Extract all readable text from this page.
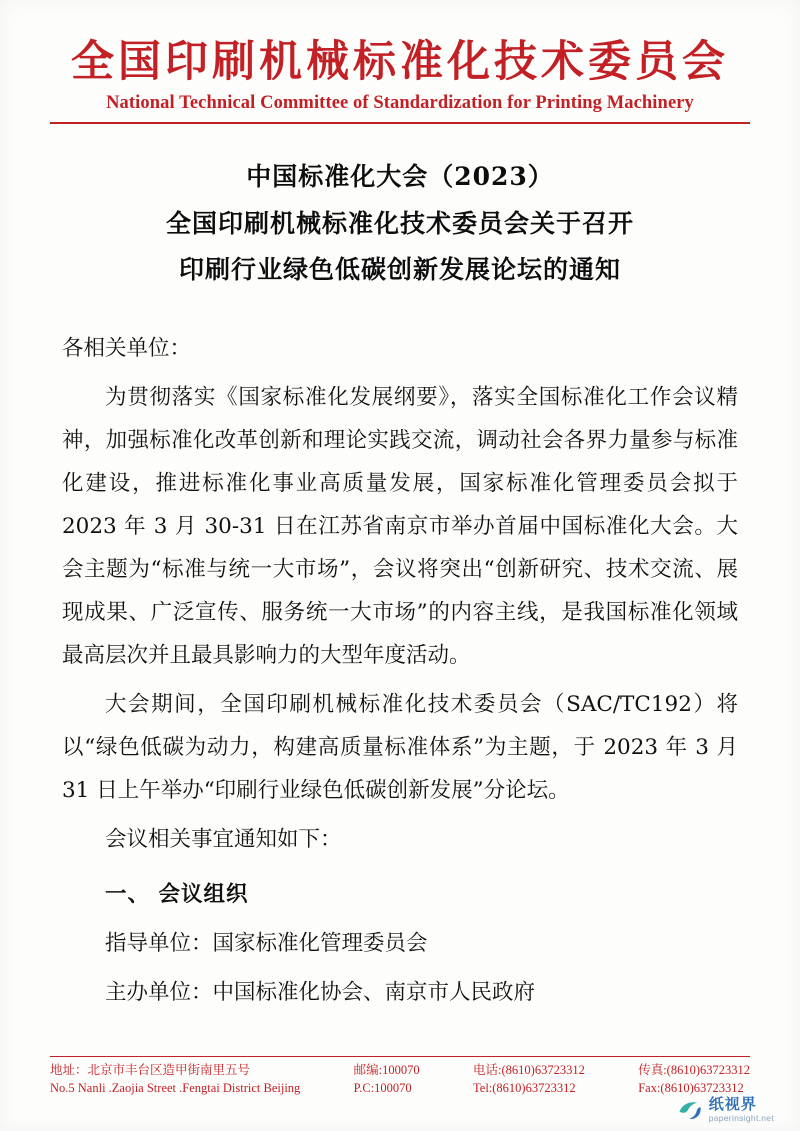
全国印刷机械标准化技术委员会
National Technical Committee of Standardization for Printing Machinery
中国标准化大会（2023）
全国印刷机械标准化技术委员会关于召开
印刷行业绿色低碳创新发展论坛的通知

各相关单位：

为贯彻落实《国家标准化发展纲要》，落实全国标准化工作会议精神，加强标准化改革创新和理论实践交流，调动社会各界力量参与标准化建设，推进标准化事业高质量发展，国家标准化管理委员会拟于 2023 年 3 月 30-31 日在江苏省南京市举办首届中国标准化大会。大会主题为“标准与统一大市场”，会议将突出“创新研究、技术交流、展现成果、广泛宣传、服务统一大市场”的内容主线，是我国标准化领域最高层次并且最具影响力的大型年度活动。

大会期间，全国印刷机械标准化技术委员会（SAC/TC192）将以“绿色低碳为动力，构建高质量标准体系”为主题，于 2023 年 3 月 31 日上午举办“印刷行业绿色低碳创新发展”分论坛。

会议相关事宜通知如下：

一、 会议组织

指导单位：国家标准化管理委员会

主办单位：中国标准化协会、南京市人民政府

地址：北京市丰台区造甲街南里五号
No.5 Nanli .Zaojia Street .Fengtai District Beijing
邮编:100070
P.C:100070
电话:(8610)63723312
Tel:(8610)63723312
传真:(8610)63723312
Fax:(8610)63723312
纸视界
paperinsight.net
